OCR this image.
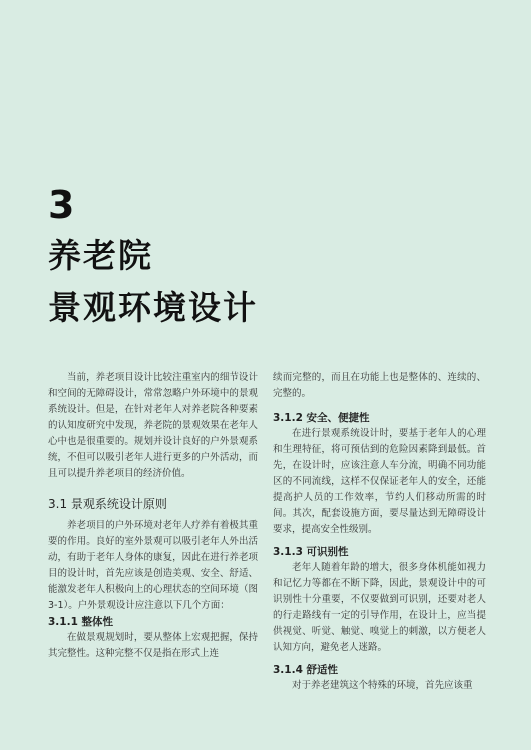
3
养老院
景观环境设计

当前，养老项目设计比较注重室内的细节设计和空间的无障碍设计，常常忽略户外环境中的景观系统设计。但是，在针对老年人对养老院各种要素的认知度研究中发现，养老院的景观效果在老年人心中也是很重要的。规划并设计良好的户外景观系统，不但可以吸引老年人进行更多的户外活动，而且可以提升养老项目的经济价值。

3.1 景观系统设计原则

养老项目的户外环境对老年人疗养有着极其重要的作用。良好的室外景观可以吸引老年人外出活动，有助于老年人身体的康复，因此在进行养老项目的设计时，首先应该是创造美观、安全、舒适、能激发老年人积极向上的心理状态的空间环境（图3-1）。户外景观设计应注意以下几个方面：

3.1.1 整体性

在做景观规划时，要从整体上宏观把握，保持其完整性。这种完整不仅是指在形式上连

续而完整的，而且在功能上也是整体的、连续的、完整的。

3.1.2 安全、便捷性

在进行景观系统设计时，要基于老年人的心理和生理特征，将可预估到的危险因素降到最低。首先，在设计时，应该注意人车分流，明确不同功能区的不同流线，这样不仅保证老年人的安全，还能提高护人员的工作效率，节约人们移动所需的时间。其次，配套设施方面，要尽量达到无障碍设计要求，提高安全性级别。

3.1.3 可识别性

老年人随着年龄的增大，很多身体机能如视力和记忆力等都在不断下降，因此，景观设计中的可识别性十分重要，不仅要做到可识别，还要对老人的行走路线有一定的引导作用，在设计上，应当提供视觉、听觉、触觉、嗅觉上的刺激，以方便老人认知方向，避免老人迷路。

3.1.4 舒适性

对于养老建筑这个特殊的环境，首先应该重
